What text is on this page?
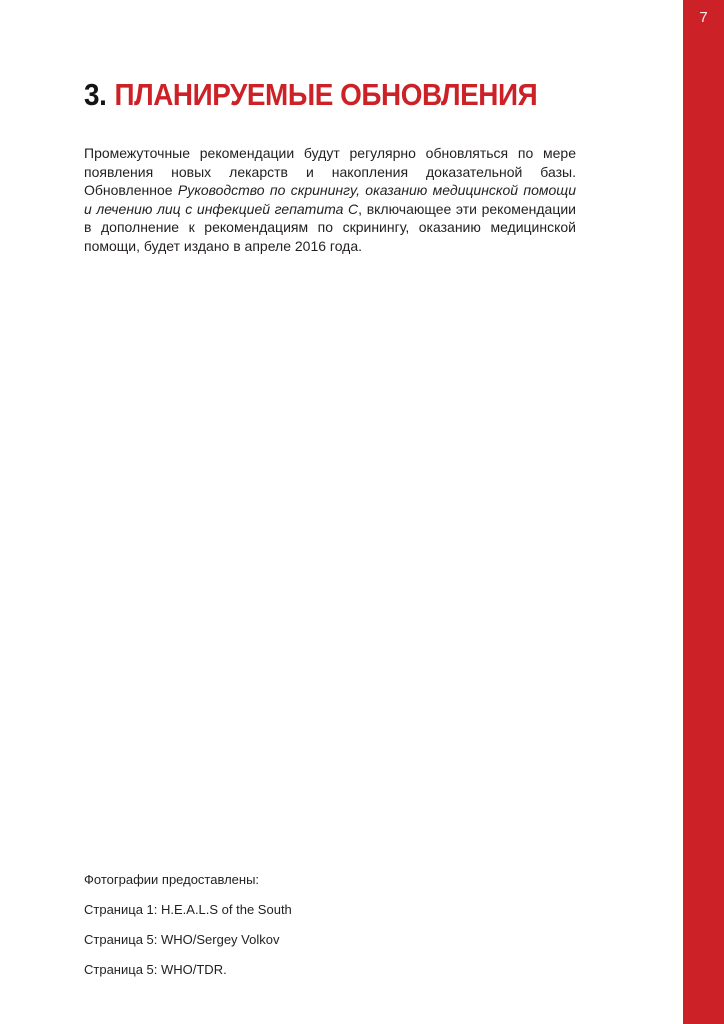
3. ПЛАНИРУЕМЫЕ ОБНОВЛЕНИЯ

Промежуточные рекомендации будут регулярно обновляться по мере появления новых лекарств и накопления доказательной базы. Обновленное Руководство по скринингу, оказанию медицинской помощи и лечению лиц с инфекцией гепатита С, включающее эти рекомендации в дополнение к рекомендациям по скринингу, оказанию медицинской помощи, будет издано в апреле 2016 года.

Фотографии предоставлены:
Страница 1: H.E.A.L.S of the South
Страница 5: WHO/Sergey Volkov
Страница 5: WHO/TDR.
7
